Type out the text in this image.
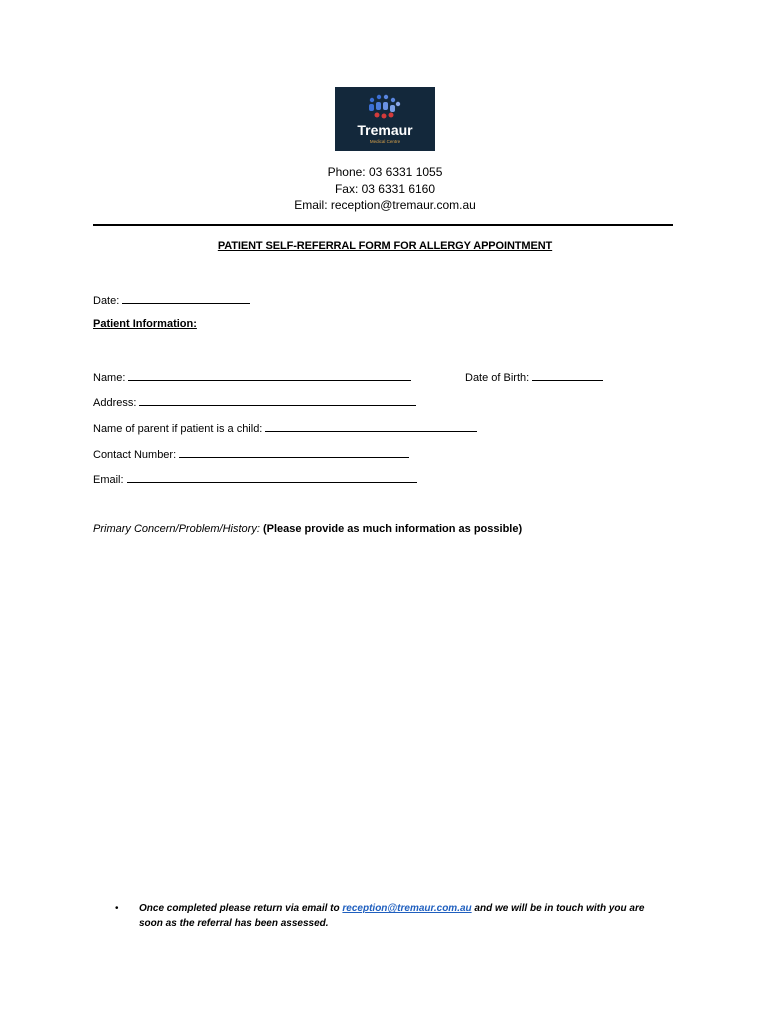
Tremaur
Medical Centre
Phone: 03 6331 1055
Fax: 03 6331 6160
Email: reception@tremaur.com.au
PATIENT SELF-REFERRAL FORM FOR ALLERGY APPOINTMENT
Date:
Patient Information:
Name:	Date of Birth:
Address:
Name of parent if patient is a child:
Contact Number:
Email:
Primary Concern/Problem/History: (Please provide as much information as possible)
• Once completed please return via email to reception@tremaur.com.au and we will be in touch with you are soon as the referral has been assessed.
